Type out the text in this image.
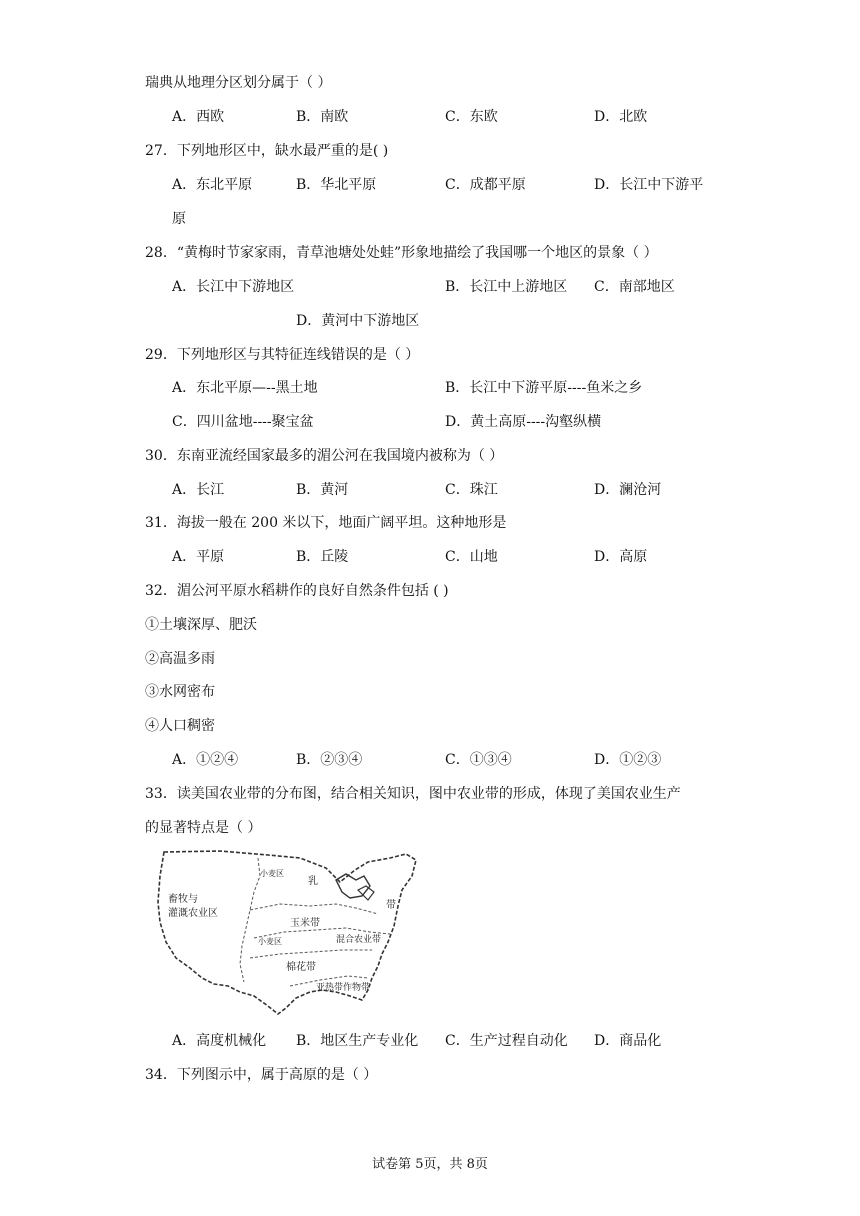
瑞典从地理分区划分属于（ ）
A．西欧	B．南欧	C．东欧	D．北欧
27．下列地形区中，缺水最严重的是( )
A．东北平原	B．华北平原	C．成都平原	D．长江中下游平
原
28．“黄梅时节家家雨，青草池塘处处蛙”形象地描绘了我国哪一个地区的景象（ ）
A．长江中下游地区	B．长江中上游地区 C．南部地区
D．黄河中下游地区
29．下列地形区与其特征连线错误的是（ ）
A．东北平原—--黑土地	B．长江中下游平原----鱼米之乡
C．四川盆地----聚宝盆	D．黄土高原----沟壑纵横
30．东南亚流经国家最多的湄公河在我国境内被称为（ ）
A．长江	B．黄河	C．珠江	D．澜沧河
31．海拔一般在 200 米以下，地面广阔平坦。这种地形是
A．平原	B．丘陵	C．山地	D．高原
32．湄公河平原水稻耕作的良好自然条件包括 ( )
①土壤深厚、肥沃
②高温多雨
③水网密布
④人口稠密
A．①②④	B．②③④	C．①③④	D．①②③
33．读美国农业带的分布图，结合相关知识，图中农业带的形成，体现了美国农业生产
的显著特点是（ ）
畜牧与
灌溉农业区
小麦区
乳
带
玉米带
小麦区	混合农业带
棉花带
亚热带作物带
A．高度机械化 B．地区生产专业化 C．生产过程自动化 D．商品化
34．下列图示中，属于高原的是（ ）
试卷第 5页，共 8页
